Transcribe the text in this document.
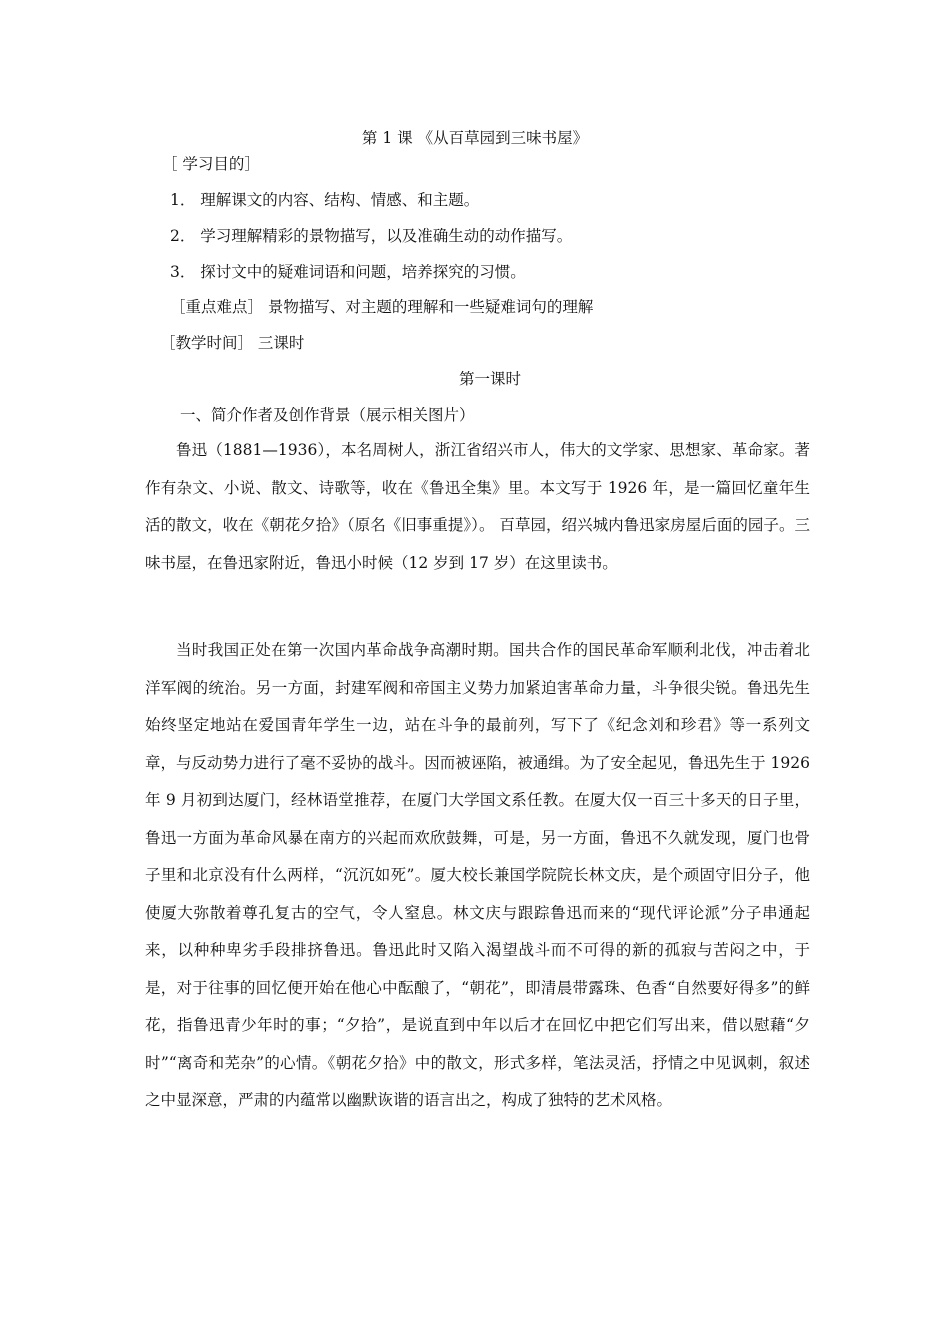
第 1 课 《从百草园到三味书屋》
［ 学习目的］
1． 理解课文的内容、结构、情感、和主题。
2． 学习理解精彩的景物描写，以及准确生动的动作描写。
3． 探讨文中的疑难词语和问题，培养探究的习惯。
［重点难点］ 景物描写、对主题的理解和一些疑难词句的理解
［教学时间］ 三课时
第一课时
一、简介作者及创作背景（展示相关图片）
鲁迅（1881—1936），本名周树人，浙江省绍兴市人，伟大的文学家、思想家、革命家。著作有杂文、小说、散文、诗歌等，收在《鲁迅全集》里。本文写于 1926 年，是一篇回忆童年生活的散文，收在《朝花夕拾》（原名《旧事重提》）。 百草园，绍兴城内鲁迅家房屋后面的园子。三味书屋，在鲁迅家附近，鲁迅小时候（12 岁到 17 岁）在这里读书。
当时我国正处在第一次国内革命战争高潮时期。国共合作的国民革命军顺利北伐，冲击着北洋军阀的统治。另一方面，封建军阀和帝国主义势力加紧迫害革命力量，斗争很尖锐。鲁迅先生始终坚定地站在爱国青年学生一边，站在斗争的最前列，写下了《纪念刘和珍君》等一系列文章，与反动势力进行了毫不妥协的战斗。因而被诬陷，被通缉。为了安全起见，鲁迅先生于 1926 年 9 月初到达厦门，经林语堂推荐，在厦门大学国文系任教。在厦大仅一百三十多天的日子里，鲁迅一方面为革命风暴在南方的兴起而欢欣鼓舞，可是，另一方面，鲁迅不久就发现，厦门也骨子里和北京没有什么两样，“沉沉如死”。厦大校长兼国学院院长林文庆，是个顽固守旧分子，他使厦大弥散着尊孔复古的空气，令人窒息。林文庆与跟踪鲁迅而来的“现代评论派”分子串通起来，以种种卑劣手段排挤鲁迅。鲁迅此时又陷入渴望战斗而不可得的新的孤寂与苦闷之中，于是，对于往事的回忆便开始在他心中酝酿了，“朝花”，即清晨带露珠、色香“自然要好得多”的鲜花，指鲁迅青少年时的事；“夕拾”，是说直到中年以后才在回忆中把它们写出来，借以慰藉“夕时”“离奇和芜杂”的心情。《朝花夕拾》中的散文，形式多样，笔法灵活，抒情之中见讽刺，叙述之中显深意，严肃的内蕴常以幽默诙谐的语言出之，构成了独特的艺术风格。
